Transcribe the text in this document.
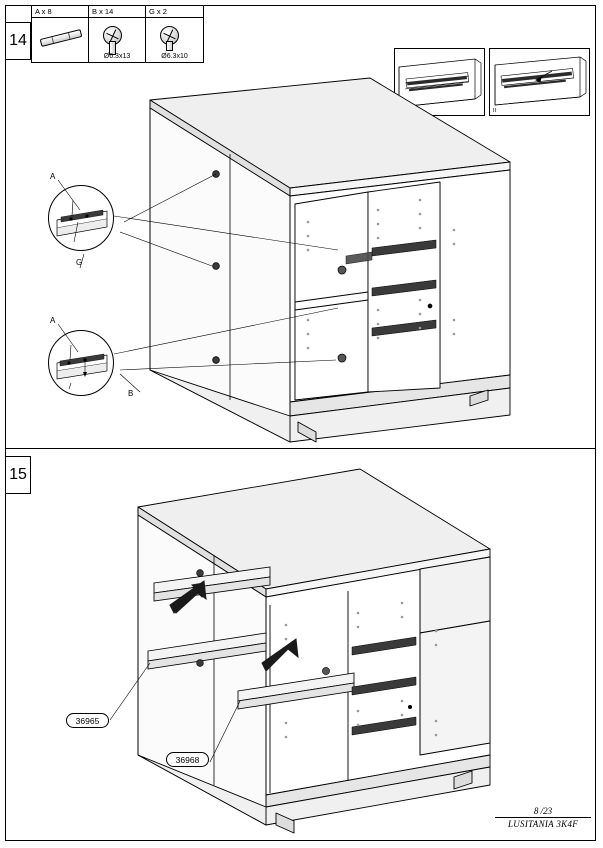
14
A x 8	B x 14
Ø6.3x13
G x 2
Ø6.3x10
II
A
G
A
B
15
36965
36968
8 /23
LUSITANIA 3K4F
